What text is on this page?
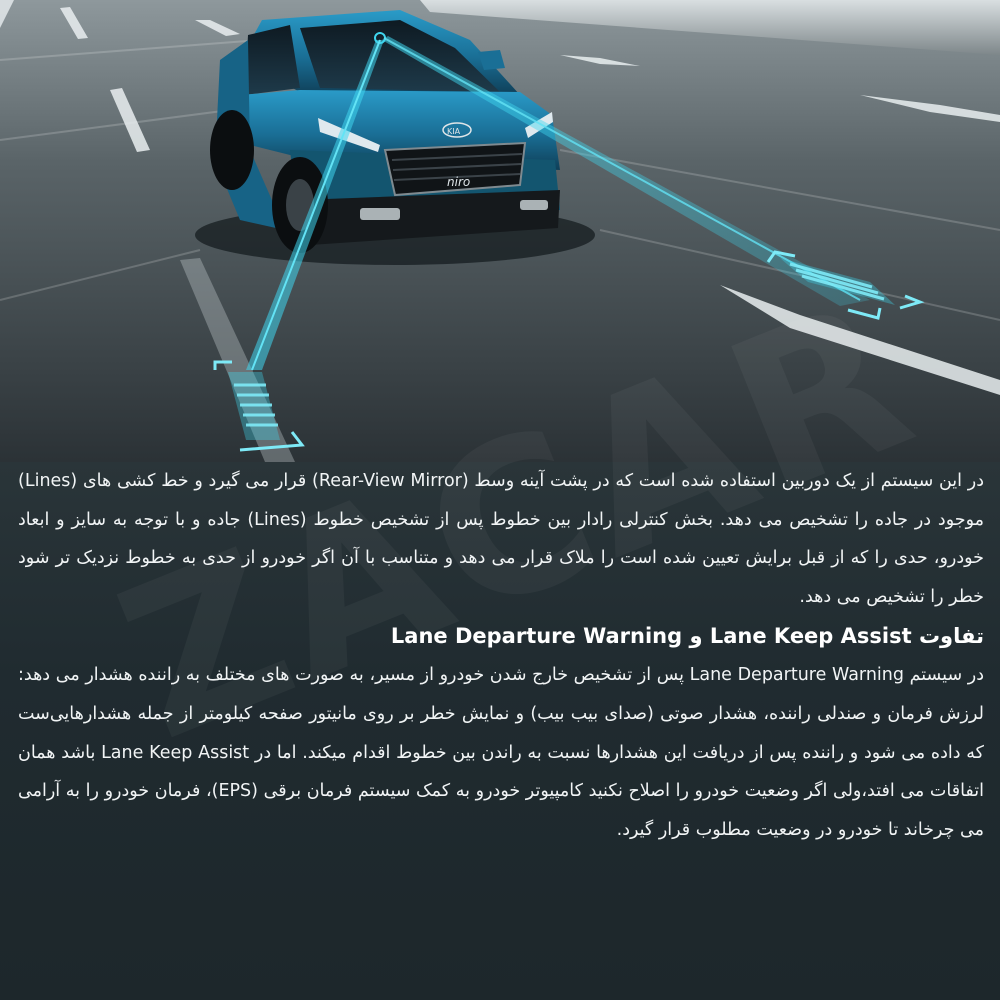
KIA
niro

در این سیستم از یک دوربین استفاده شده است که در پشت آینه وسط (Rear-View Mirror) قرار می گیرد و خط کشی های (Lines) موجود در جاده را تشخیص می دهد. بخش کنترلی رادار بین خطوط پس از تشخیص خطوط (Lines) جاده و با توجه به سایز و ابعاد خودرو، حدی را که از قبل برایش تعیین شده است را ملاک قرار می دهد و متناسب با آن اگر خودرو از حدی به خطوط نزدیک تر شود خطر را تشخیص می دهد.

تفاوت Lane Keep Assist و Lane Departure Warning

در سیستم Lane Departure Warning پس از تشخیص خارج شدن خودرو از مسیر، به صورت های مختلف به راننده هشدار می دهد: لرزش فرمان و صندلی راننده، هشدار صوتی (صدای بیب بیب) و نمایش خطر بر روی مانیتور صفحه کیلومتر از جمله هشدارهایی‌ست که داده می شود و راننده پس از دریافت این هشدارها نسبت به راندن بین خطوط اقدام میکند. اما در Lane Keep Assist باشد همان اتفاقات می افتد،ولی اگر وضعیت خودرو را اصلاح نکنید کامپیوتر خودرو به کمک سیستم فرمان برقی (EPS)، فرمان خودرو را به آرامی می چرخاند تا خودرو در وضعیت مطلوب قرار گیرد.
